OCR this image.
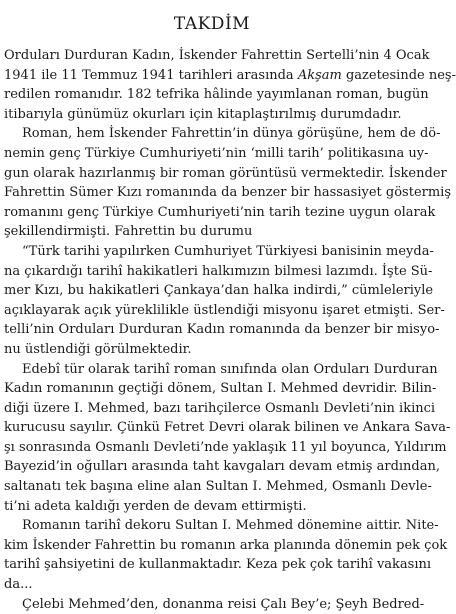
TAKDİM

Orduları Durduran Kadın, İskender Fahrettin Sertelli’nin 4 Ocak
1941 ile 11 Temmuz 1941 tarihleri arasında Akşam gazetesinde neş-
redilen romanıdır. 182 tefrika hâlinde yayımlanan roman, bugün
itibarıyla günümüz okurları için kitaplaştırılmış durumdadır.

Roman, hem İskender Fahrettin’in dünya görüşüne, hem de dö-
nemin genç Türkiye Cumhuriyeti’nin ‘milli tarih’ politikasına uy-
gun olarak hazırlanmış bir roman görüntüsü vermektedir. İskender
Fahrettin Sümer Kızı romanında da benzer bir hassasiyet göstermiş
romanını genç Türkiye Cumhuriyeti’nin tarih tezine uygun olarak
şekillendirmişti. Fahrettin bu durumu

“Türk tarihi yapılırken Cumhuriyet Türkiyesi banisinin meyda-
na çıkardığı tarihî hakikatleri halkımızın bilmesi lazımdı. İşte Sü-
mer Kızı, bu hakikatleri Çankaya’dan halka indirdi,” cümleleriyle
açıklayarak açık yüreklilikle üstlendiği misyonu işaret etmişti. Ser-
telli’nin Orduları Durduran Kadın romanında da benzer bir misyo-
nu üstlendiği görülmektedir.

Edebî tür olarak tarihî roman sınıfında olan Orduları Durduran
Kadın romanının geçtiği dönem, Sultan I. Mehmed devridir. Bilin-
diği üzere I. Mehmed, bazı tarihçilerce Osmanlı Devleti’nin ikinci
kurucusu sayılır. Çünkü Fetret Devri olarak bilinen ve Ankara Sava-
şı sonrasında Osmanlı Devleti’nde yaklaşık 11 yıl boyunca, Yıldırım
Bayezid’in oğulları arasında taht kavgaları devam etmiş ardından,
saltanatı tek başına eline alan Sultan I. Mehmed, Osmanlı Devle-
ti’ni adeta kaldığı yerden de devam ettirmişti.

Romanın tarihî dekoru Sultan I. Mehmed dönemine aittir. Nite-
kim İskender Fahrettin bu romanın arka planında dönemin pek çok
tarihî şahsiyetini de kullanmaktadır. Keza pek çok tarihî vakasını
da...

Çelebi Mehmed’den, donanma reisi Çalı Bey’e; Şeyh Bedred-
